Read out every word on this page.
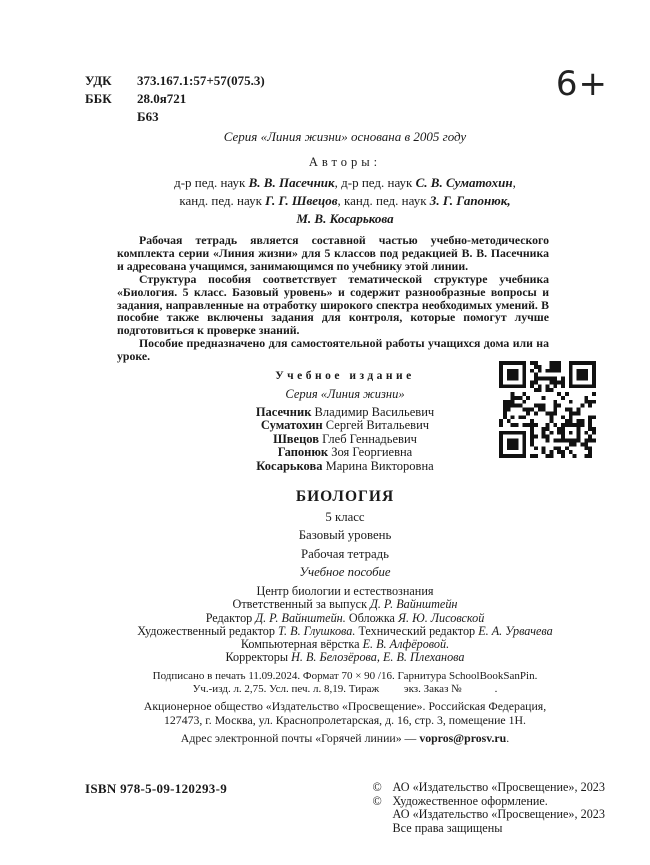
УДК 373.167.1:57+57(075.3)
ББК 28.0я721
Б63
6+
Серия «Линия жизни» основана в 2005 году
Авторы:
д-р пед. наук В. В. Пасечник, д-р пед. наук С. В. Суматохин,
канд. пед. наук Г. Г. Швецов, канд. пед. наук З. Г. Гапонюк,
М. В. Косарькова

Рабочая тетрадь является составной частью учебно-методического комплекта серии «Линия жизни» для 5 классов под редакцией В. В. Пасечника и адресована учащимся, занимающимся по учебнику этой линии.

Структура пособия соответствует тематической структуре учебника «Биология. 5 класс. Базовый уровень» и содержит разнообразные вопросы и задания, направленные на отработку широкого спектра необходимых умений. В пособие также включены задания для контроля, которые помогут лучше подготовиться к проверке знаний.

Пособие предназначено для самостоятельной работы учащихся дома или на уроке.

Учебное издание
Серия «Линия жизни»
Пасечник Владимир Васильевич
Суматохин Сергей Витальевич
Швецов Глеб Геннадьевич
Гапонюк Зоя Георгиевна
Косарькова Марина Викторовна
БИОЛОГИЯ
5 класс
Базовый уровень
Рабочая тетрадь
Учебное пособие
Центр биологии и естествознания
Ответственный за выпуск Д. Р. Вайнштейн
Редактор Д. Р. Вайнштейн. Обложка Я. Ю. Лисовской
Художественный редактор Т. В. Глушкова. Технический редактор Е. А. Урвачева
Компьютерная вёрстка Е. В. Алфёровой.
Корректоры Н. В. Белозёрова, Е. В. Плеханова
Подписано в печать 11.09.2024. Формат 70 × 90 /16. Гарнитура SchoolBookSanPin.
Уч.-изд. л. 2,75. Усл. печ. л. 8,19. Тираж         экз. Заказ №            .
Акционерное общество «Издательство «Просвещение». Российская Федерация,
127473, г. Москва, ул. Краснопролетарская, д. 16, стр. 3, помещение 1Н.
Адрес электронной почты «Горячей линии» — vopros@prosv.ru.
ISBN 978-5-09-120293-9	© АО «Издательство «Просвещение», 2023
© Художественное оформление.
АО «Издательство «Просвещение», 2023
Все права защищены
